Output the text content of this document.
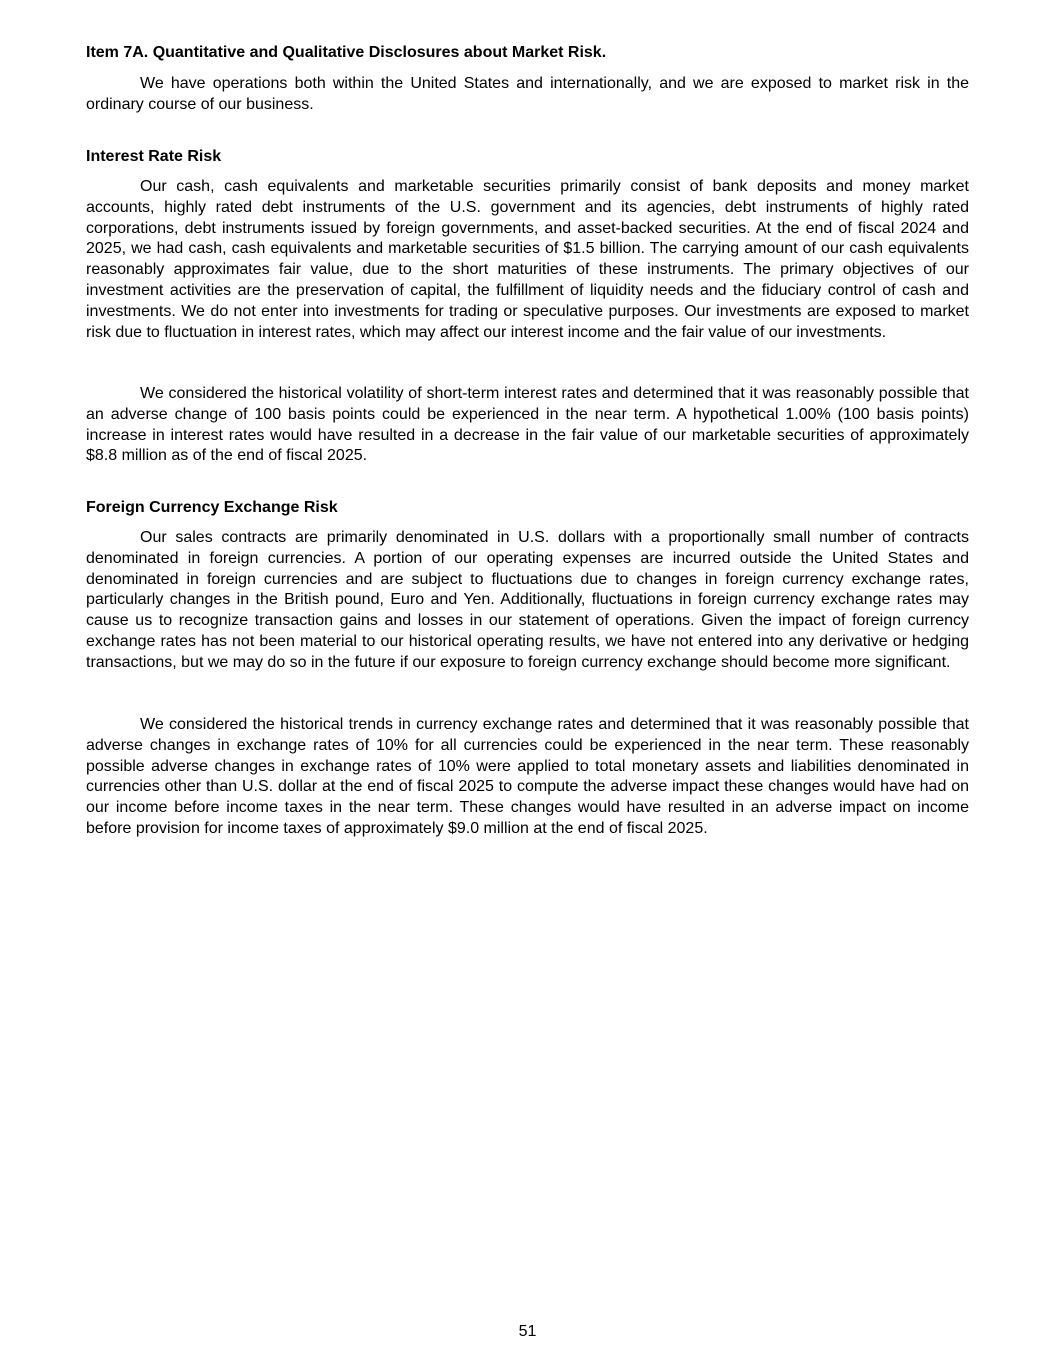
Item 7A. Quantitative and Qualitative Disclosures about Market Risk.

We have operations both within the United States and internationally, and we are exposed to market risk in the ordinary course of our business.

Interest Rate Risk

Our cash, cash equivalents and marketable securities primarily consist of bank deposits and money market accounts, highly rated debt instruments of the U.S. government and its agencies, debt instruments of highly rated corporations, debt instruments issued by foreign governments, and asset-backed securities. At the end of fiscal 2024 and 2025, we had cash, cash equivalents and marketable securities of $1.5 billion. The carrying amount of our cash equivalents reasonably approximates fair value, due to the short maturities of these instruments. The primary objectives of our investment activities are the preservation of capital, the fulfillment of liquidity needs and the fiduciary control of cash and investments. We do not enter into investments for trading or speculative purposes. Our investments are exposed to market risk due to fluctuation in interest rates, which may affect our interest income and the fair value of our investments.

We considered the historical volatility of short-term interest rates and determined that it was reasonably possible that an adverse change of 100 basis points could be experienced in the near term. A hypothetical 1.00% (100 basis points) increase in interest rates would have resulted in a decrease in the fair value of our marketable securities of approximately $8.8 million as of the end of fiscal 2025.

Foreign Currency Exchange Risk

Our sales contracts are primarily denominated in U.S. dollars with a proportionally small number of contracts denominated in foreign currencies. A portion of our operating expenses are incurred outside the United States and denominated in foreign currencies and are subject to fluctuations due to changes in foreign currency exchange rates, particularly changes in the British pound, Euro and Yen. Additionally, fluctuations in foreign currency exchange rates may cause us to recognize transaction gains and losses in our statement of operations. Given the impact of foreign currency exchange rates has not been material to our historical operating results, we have not entered into any derivative or hedging transactions, but we may do so in the future if our exposure to foreign currency exchange should become more significant.

We considered the historical trends in currency exchange rates and determined that it was reasonably possible that adverse changes in exchange rates of 10% for all currencies could be experienced in the near term. These reasonably possible adverse changes in exchange rates of 10% were applied to total monetary assets and liabilities denominated in currencies other than U.S. dollar at the end of fiscal 2025 to compute the adverse impact these changes would have had on our income before income taxes in the near term. These changes would have resulted in an adverse impact on income before provision for income taxes of approximately $9.0 million at the end of fiscal 2025.

51
